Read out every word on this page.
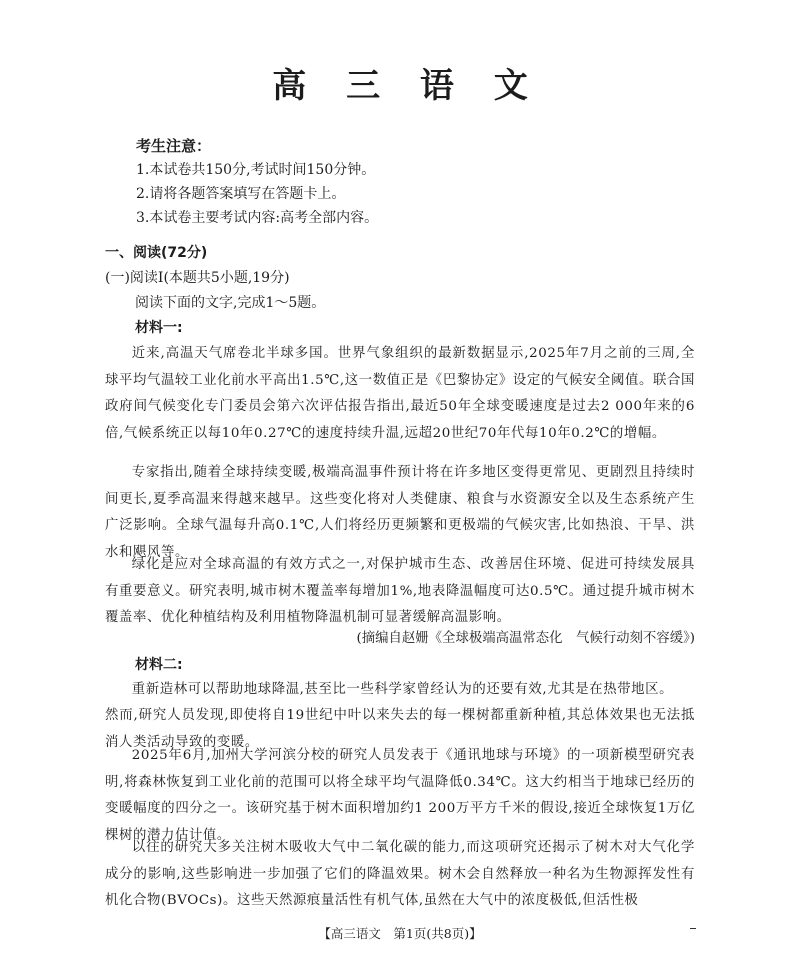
高 三 语 文
考生注意：
1.本试卷共150分,考试时间150分钟。
2.请将各题答案填写在答题卡上。
3.本试卷主要考试内容:高考全部内容。
一、阅读(72分)
(一)阅读Ⅰ(本题共5小题,19分)
阅读下面的文字,完成1～5题。
材料一:

近来,高温天气席卷北半球多国。世界气象组织的最新数据显示,2025年7月之前的三周,全球平均气温较工业化前水平高出1.5℃,这一数值正是《巴黎协定》设定的气候安全阈值。联合国政府间气候变化专门委员会第六次评估报告指出,最近50年全球变暖速度是过去2 000年来的6倍,气候系统正以每10年0.27℃的速度持续升温,远超20世纪70年代每10年0.2℃的增幅。

专家指出,随着全球持续变暖,极端高温事件预计将在许多地区变得更常见、更剧烈且持续时间更长,夏季高温来得越来越早。这些变化将对人类健康、粮食与水资源安全以及生态系统产生广泛影响。全球气温每升高0.1℃,人们将经历更频繁和更极端的气候灾害,比如热浪、干旱、洪水和飓风等。

绿化是应对全球高温的有效方式之一,对保护城市生态、改善居住环境、促进可持续发展具有重要意义。研究表明,城市树木覆盖率每增加1%,地表降温幅度可达0.5℃。通过提升城市树木覆盖率、优化种植结构及利用植物降温机制可显著缓解高温影响。

(摘编自赵姗《全球极端高温常态化　气候行动刻不容缓》)
材料二:

重新造林可以帮助地球降温,甚至比一些科学家曾经认为的还要有效,尤其是在热带地区。

然而,研究人员发现,即使将自19世纪中叶以来失去的每一棵树都重新种植,其总体效果也无法抵消人类活动导致的变暖。

2025年6月,加州大学河滨分校的研究人员发表于《通讯地球与环境》的一项新模型研究表明,将森林恢复到工业化前的范围可以将全球平均气温降低0.34℃。这大约相当于地球已经历的变暖幅度的四分之一。该研究基于树木面积增加约1 200万平方千米的假设,接近全球恢复1万亿棵树的潜力估计值。

以往的研究大多关注树木吸收大气中二氧化碳的能力,而这项研究还揭示了树木对大气化学成分的影响,这些影响进一步加强了它们的降温效果。树木会自然释放一种名为生物源挥发性有机化合物(BVOCs)。这些天然源痕量活性有机气体,虽然在大气中的浓度极低,但活性极

【高三语文　第1页(共8页)】
